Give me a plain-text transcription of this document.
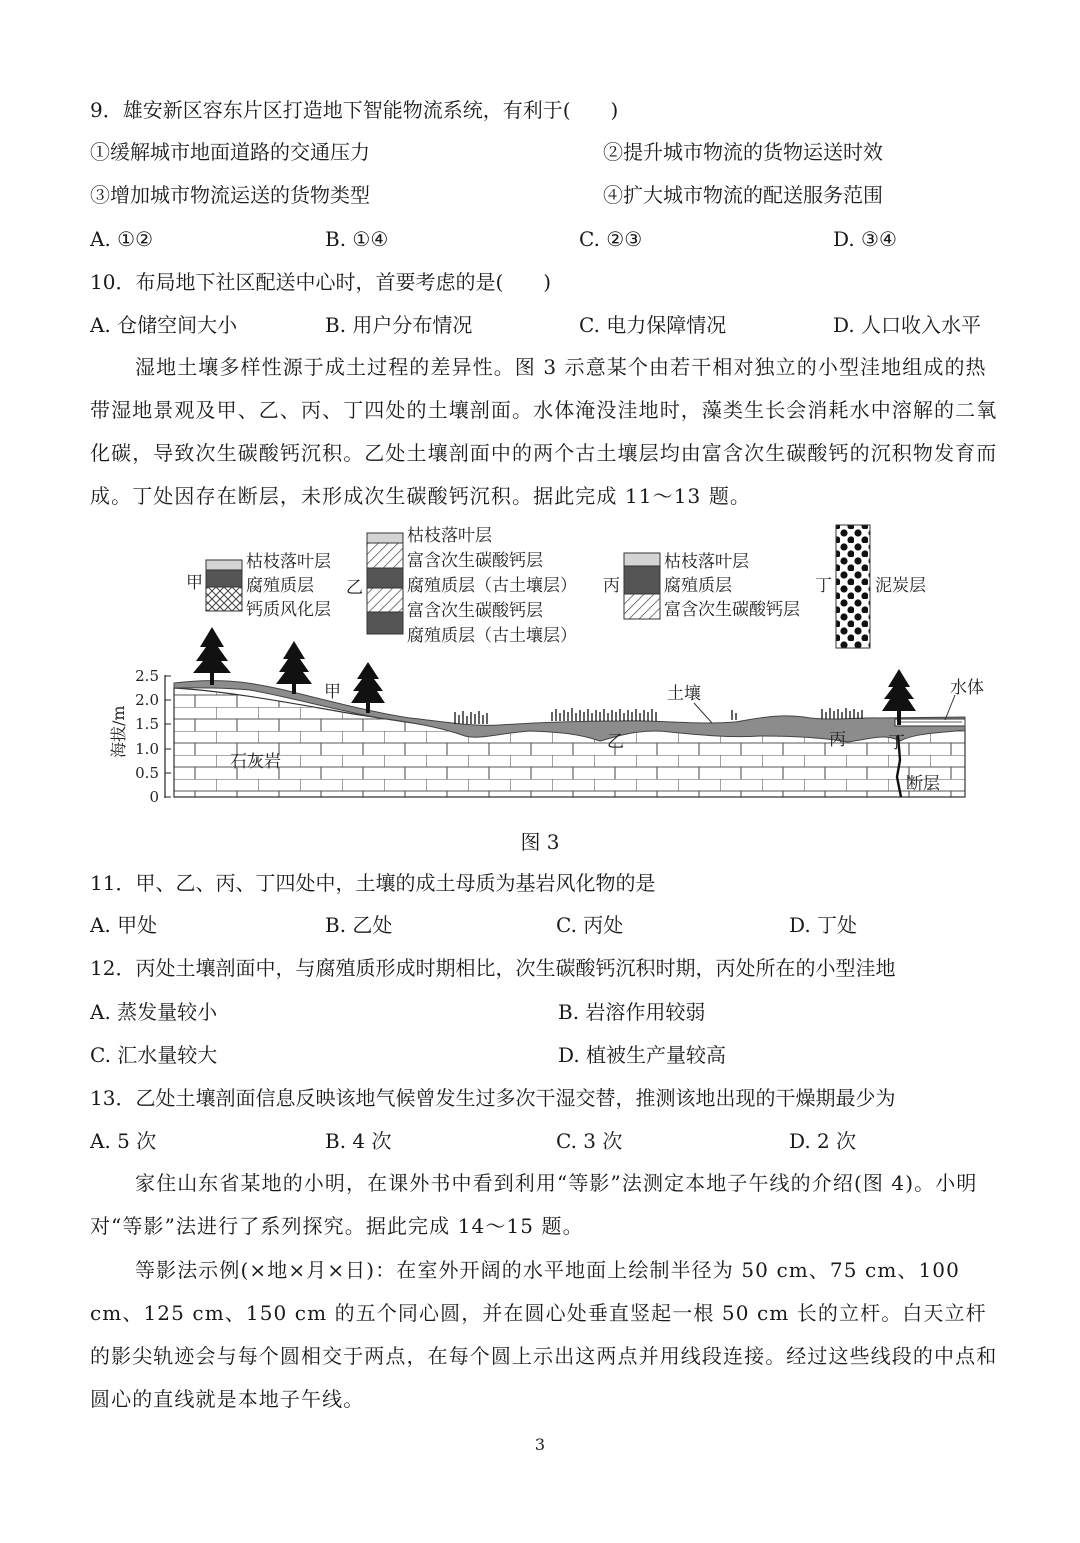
9．雄安新区容东片区打造地下智能物流系统，有利于(　　)
①缓解城市地面道路的交通压力	②提升城市物流的货物运送时效
③增加城市物流运送的货物类型	④扩大城市物流的配送服务范围
A. ①②	B. ①④	C. ②③	D. ③④
10．布局地下社区配送中心时，首要考虑的是(　　)
A. 仓储空间大小	B. 用户分布情况	C. 电力保障情况	D. 人口收入水平
湿地土壤多样性源于成土过程的差异性。图 3 示意某个由若干相对独立的小型洼地组成的热带湿地景观及甲、乙、丙、丁四处的土壤剖面。水体淹没洼地时，藻类生长会消耗水中溶解的二氧化碳，导致次生碳酸钙沉积。乙处土壤剖面中的两个古土壤层均由富含次生碳酸钙的沉积物发育而成。丁处因存在断层，未形成次生碳酸钙沉积。据此完成 11～13 题。
甲
枯枝落叶层
腐殖质层
钙质风化层
乙
枯枝落叶层
富含次生碳酸钙层
腐殖质层（古土壤层）
富含次生碳酸钙层
腐殖质层（古土壤层）
丙
枯枝落叶层
腐殖质层
富含次生碳酸钙层
丁	泥炭层
海拔/m
2.5
2.0
1.5
1.0
0.5
0
甲
乙	丙 丁
土壤	水体
石灰岩
断层
图 3
11．甲、乙、丙、丁四处中，土壤的成土母质为基岩风化物的是
A. 甲处	B. 乙处	C. 丙处	D. 丁处
12．丙处土壤剖面中，与腐殖质形成时期相比，次生碳酸钙沉积时期，丙处所在的小型洼地
A. 蒸发量较小	B. 岩溶作用较弱
C. 汇水量较大	D. 植被生产量较高
13．乙处土壤剖面信息反映该地气候曾发生过多次干湿交替，推测该地出现的干燥期最少为
A. 5 次	B. 4 次	C. 3 次	D. 2 次
家住山东省某地的小明，在课外书中看到利用“等影”法测定本地子午线的介绍(图 4)。小明对“等影”法进行了系列探究。据此完成 14～15 题。
等影法示例(×地×月×日)：在室外开阔的水平地面上绘制半径为 50 cm、75 cm、100 cm、125 cm、150 cm 的五个同心圆，并在圆心处垂直竖起一根 50 cm 长的立杆。白天立杆的影尖轨迹会与每个圆相交于两点，在每个圆上示出这两点并用线段连接。经过这些线段的中点和圆心的直线就是本地子午线。
3
